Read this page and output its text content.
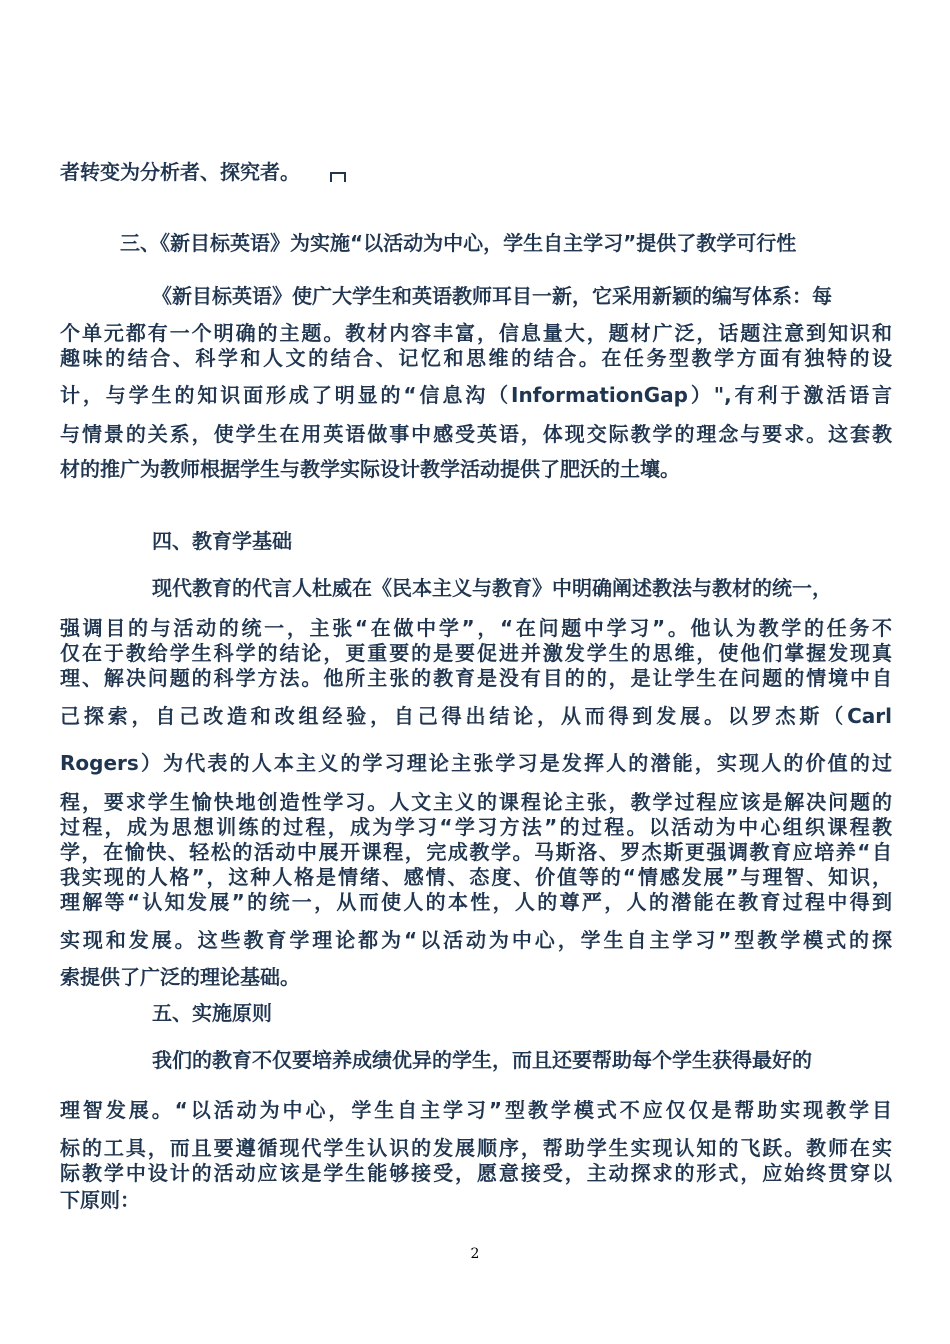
者转变为分析者、探究者。

三、《新目标英语》为实施“以活动为中心，学生自主学习”提供了教学可行性

《新目标英语》使广大学生和英语教师耳目一新，它采用新颖的编写体系：每

个单元都有一个明确的主题。教材内容丰富，信息量大，题材广泛，话题注意到知识和

趣味的结合、科学和人文的结合、记忆和思维的结合。在任务型教学方面有独特的设

计，与学生的知识面形成了明显的“信息沟（InformationGap）",有利于激活语言

与情景的关系，使学生在用英语做事中感受英语，体现交际教学的理念与要求。这套教

材的推广为教师根据学生与教学实际设计教学活动提供了肥沃的土壤。

四、教育学基础

现代教育的代言人杜威在《民本主义与教育》中明确阐述教法与教材的统一，

强调目的与活动的统一，主张“在做中学”，“在问题中学习”。他认为教学的任务不

仅在于教给学生科学的结论，更重要的是要促进并激发学生的思维，使他们掌握发现真

理、解决问题的科学方法。他所主张的教育是没有目的的，是让学生在问题的情境中自

己探索，自己改造和改组经验，自己得出结论，从而得到发展。以罗杰斯（Carl

Rogers）为代表的人本主义的学习理论主张学习是发挥人的潜能，实现人的价值的过

程，要求学生愉快地创造性学习。人文主义的课程论主张，教学过程应该是解决问题的

过程，成为思想训练的过程，成为学习“学习方法”的过程。以活动为中心组织课程教

学，在愉快、轻松的活动中展开课程，完成教学。马斯洛、罗杰斯更强调教育应培养“自

我实现的人格”，这种人格是情绪、感情、态度、价值等的“情感发展”与理智、知识，

理解等“认知发展”的统一，从而使人的本性，人的尊严，人的潜能在教育过程中得到

实现和发展。这些教育学理论都为“以活动为中心，学生自主学习”型教学模式的探

索提供了广泛的理论基础。

五、实施原则

我们的教育不仅要培养成绩优异的学生，而且还要帮助每个学生获得最好的

理智发展。“以活动为中心，学生自主学习”型教学模式不应仅仅是帮助实现教学目

标的工具，而且要遵循现代学生认识的发展顺序，帮助学生实现认知的飞跃。教师在实

际教学中设计的活动应该是学生能够接受，愿意接受，主动探求的形式，应始终贯穿以

下原则：

2
